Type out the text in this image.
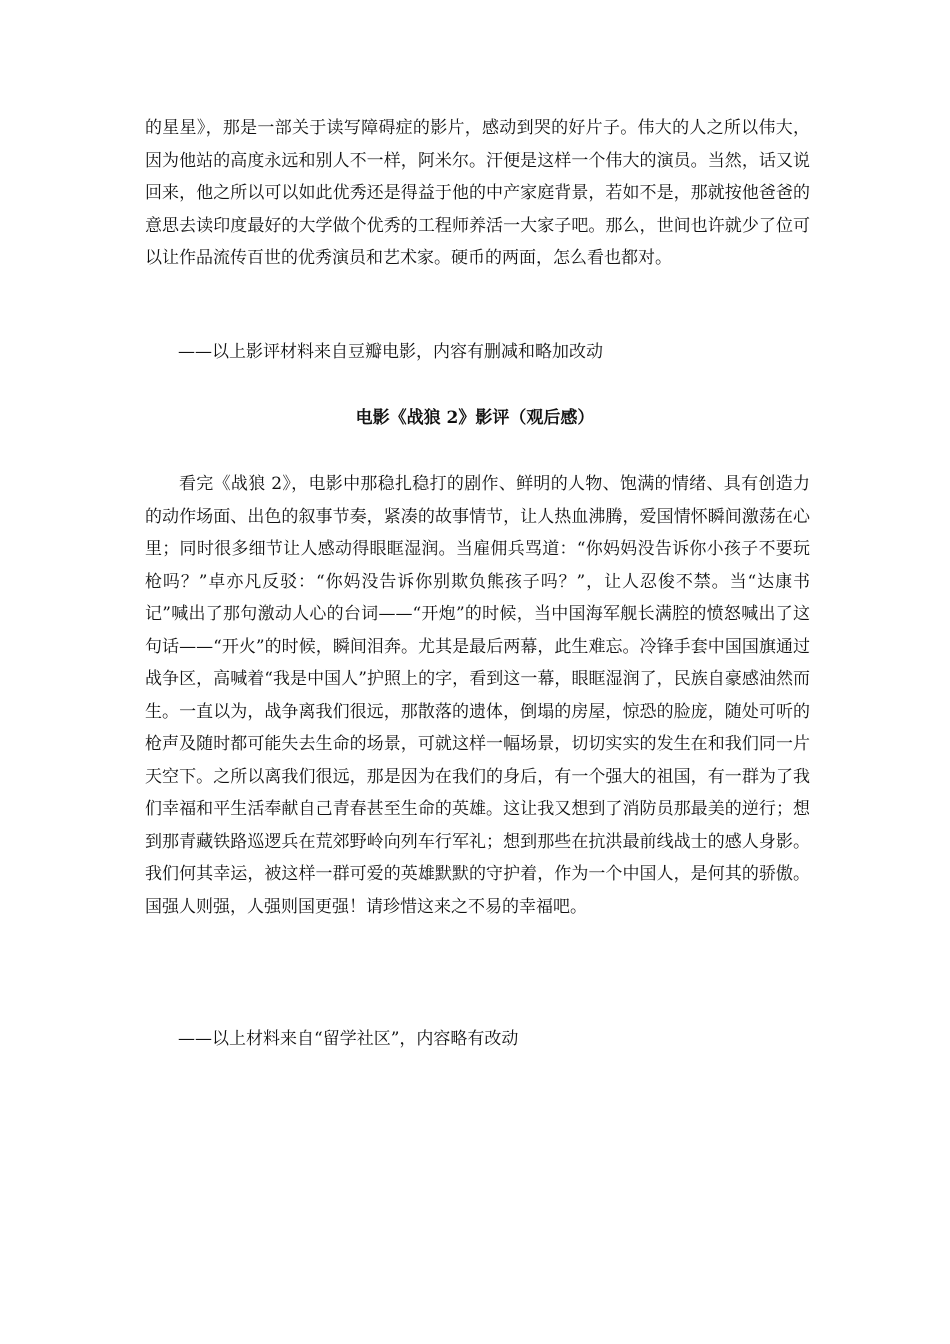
的星星》，那是一部关于读写障碍症的影片，感动到哭的好片子。伟大的人之所以伟大，因为他站的高度永远和别人不一样，阿米尔。汗便是这样一个伟大的演员。当然，话又说回来，他之所以可以如此优秀还是得益于他的中产家庭背景，若如不是，那就按他爸爸的意思去读印度最好的大学做个优秀的工程师养活一大家子吧。那么，世间也许就少了位可以让作品流传百世的优秀演员和艺术家。硬币的两面，怎么看也都对。

——以上影评材料来自豆瓣电影，内容有删减和略加改动

电影《战狼 2》影评（观后感）

看完《战狼 2》，电影中那稳扎稳打的剧作、鲜明的人物、饱满的情绪、具有创造力的动作场面、出色的叙事节奏，紧凑的故事情节，让人热血沸腾，爱国情怀瞬间激荡在心里；同时很多细节让人感动得眼眶湿润。当雇佣兵骂道：“你妈妈没告诉你小孩子不要玩枪吗？”卓亦凡反驳：“你妈没告诉你别欺负熊孩子吗？”，让人忍俊不禁。当“达康书记”喊出了那句激动人心的台词——“开炮”的时候，当中国海军舰长满腔的愤怒喊出了这句话——“开火”的时候，瞬间泪奔。尤其是最后两幕，此生难忘。冷锋手套中国国旗通过战争区，高喊着“我是中国人”护照上的字，看到这一幕，眼眶湿润了，民族自豪感油然而生。一直以为，战争离我们很远，那散落的遗体，倒塌的房屋，惊恐的脸庞，随处可听的枪声及随时都可能失去生命的场景，可就这样一幅场景，切切实实的发生在和我们同一片天空下。之所以离我们很远，那是因为在我们的身后，有一个强大的祖国，有一群为了我们幸福和平生活奉献自己青春甚至生命的英雄。这让我又想到了消防员那最美的逆行；想到那青藏铁路巡逻兵在荒郊野岭向列车行军礼；想到那些在抗洪最前线战士的感人身影。我们何其幸运，被这样一群可爱的英雄默默的守护着，作为一个中国人，是何其的骄傲。国强人则强，人强则国更强！请珍惜这来之不易的幸福吧。

——以上材料来自“留学社区”，内容略有改动
